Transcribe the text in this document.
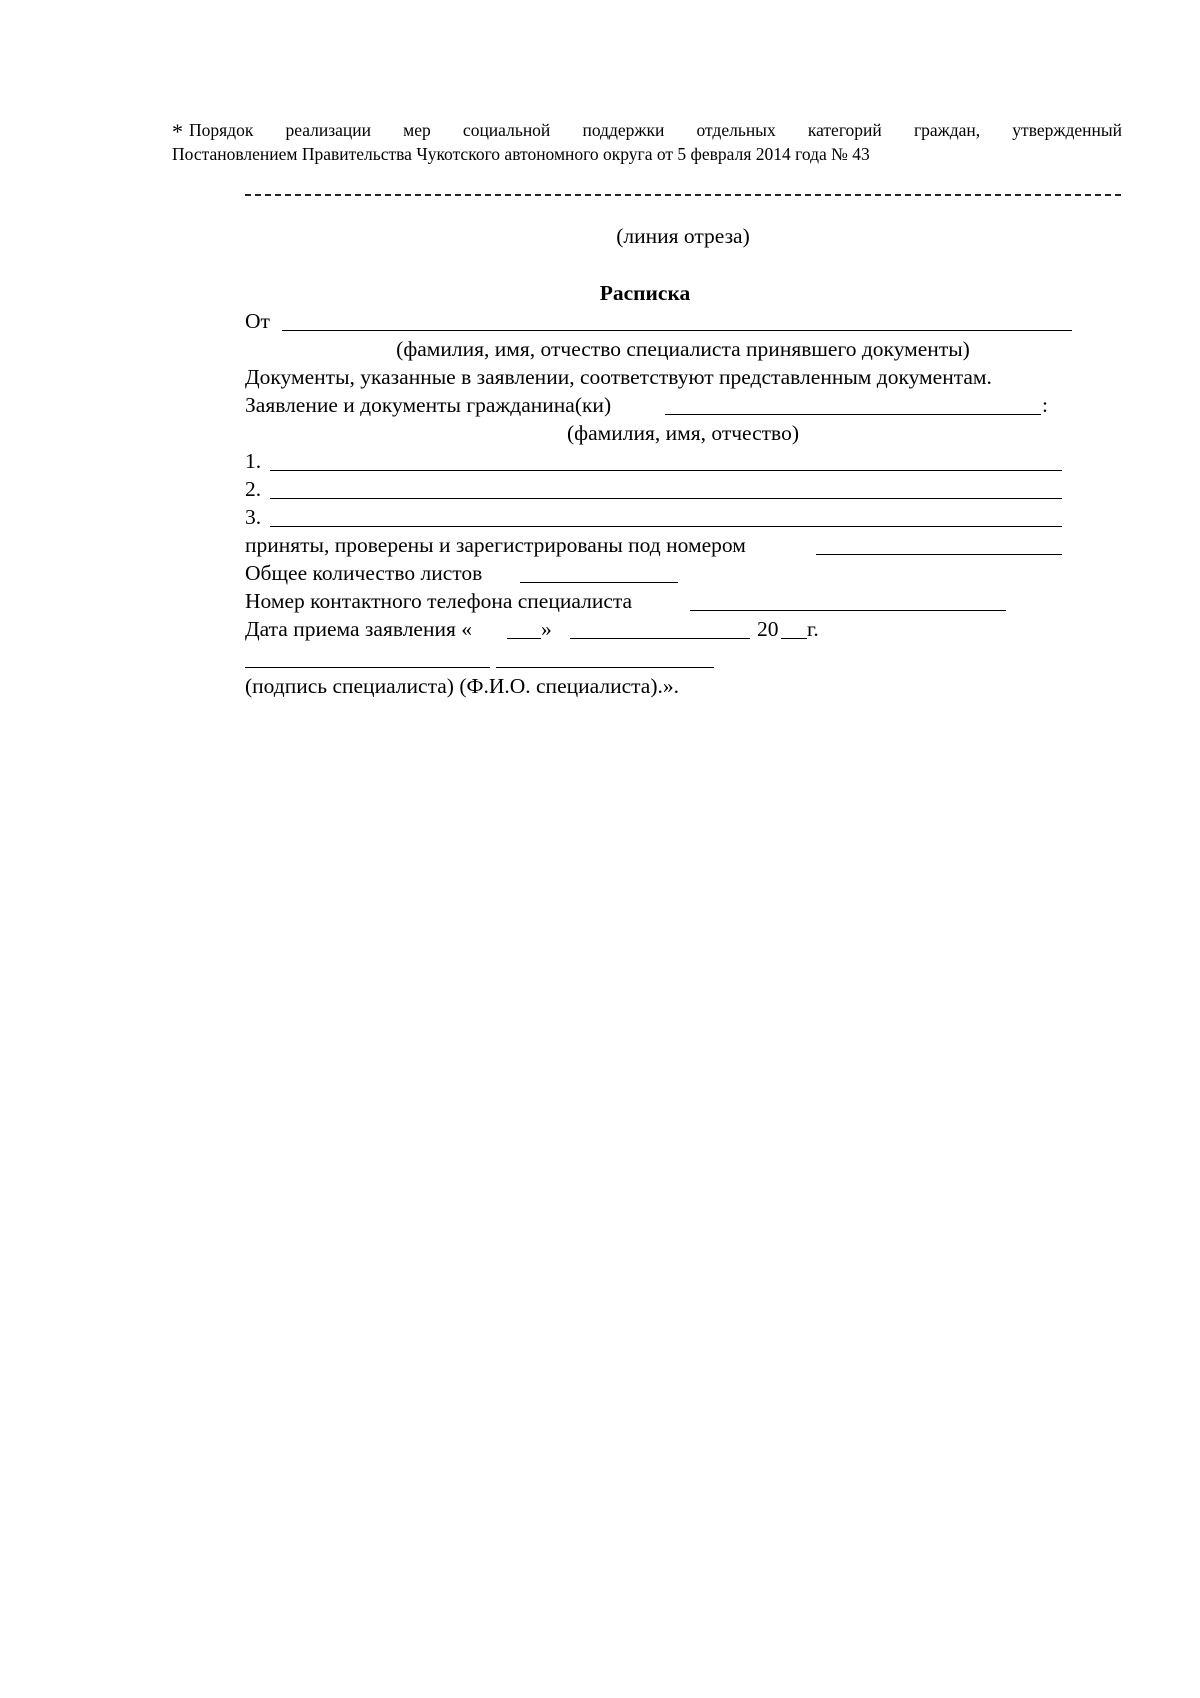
* Порядок реализации мер социальной поддержки отдельных категорий граждан, утвержденный
Постановлением Правительства Чукотского автономного округа от 5 февраля 2014 года № 43
(линия отреза)
Расписка
От
(фамилия, имя, отчество специалиста принявшего документы)
Документы, указанные в заявлении, соответствуют представленным документам.
Заявление и документы гражданина(ки)	:
(фамилия, имя, отчество)
1.
2.
3.
приняты, проверены и зарегистрированы под номером
Общее количество листов
Номер контактного телефона специалиста
Дата приема заявления «	»	20 г.
(подпись специалиста) (Ф.И.О. специалиста).».
